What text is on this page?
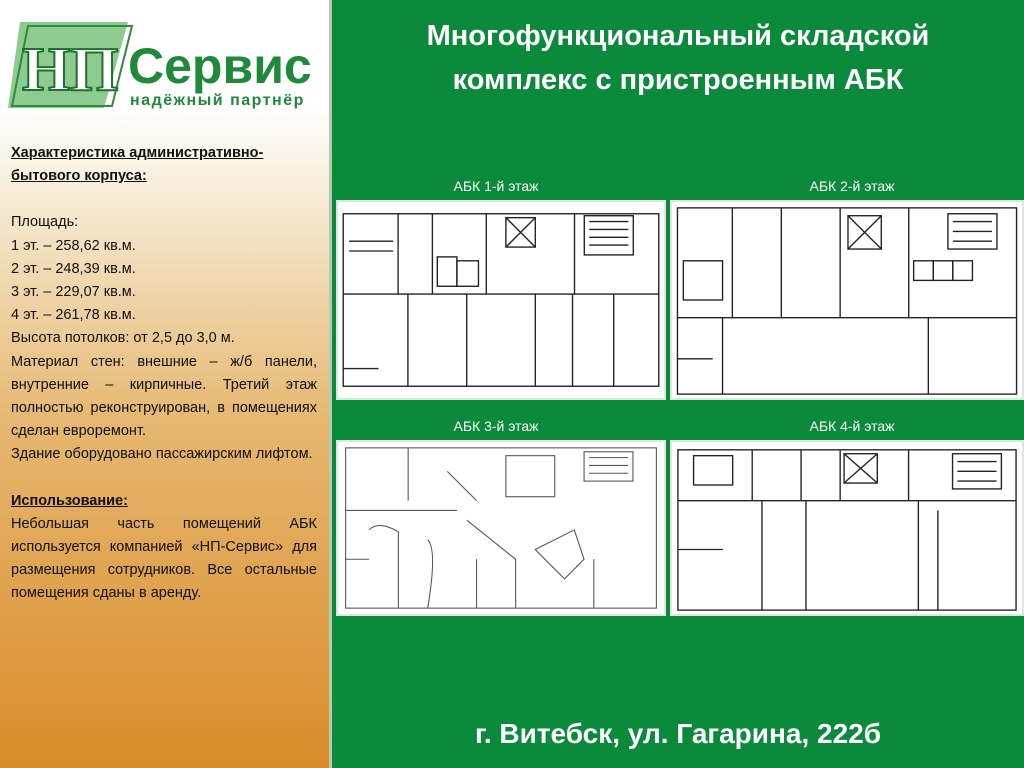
НП Сервис
надёжный партнёр

Характеристика административно-бытового корпуса:

Площадь:

1 эт. – 258,62 кв.м.

2 эт. – 248,39 кв.м.

3 эт. – 229,07 кв.м.

4 эт. – 261,78 кв.м.

Высота потолков: от 2,5 до 3,0 м.

Материал стен: внешние – ж/б панели, внутренние – кирпичные. Третий этаж полностью реконструирован, в помещениях сделан евроремонт.

Здание оборудовано пассажирским лифтом.

Использование:

Небольшая часть помещений АБК используется компанией «НП-Сервис» для размещения сотрудников. Все остальные помещения сданы в аренду.

Многофункциональный складской
комплекс с пристроенным АБК
АБК 1-й этаж	АБК 2-й этаж
АБК 3-й этаж	АБК 4-й этаж
г. Витебск, ул. Гагарина, 222б
